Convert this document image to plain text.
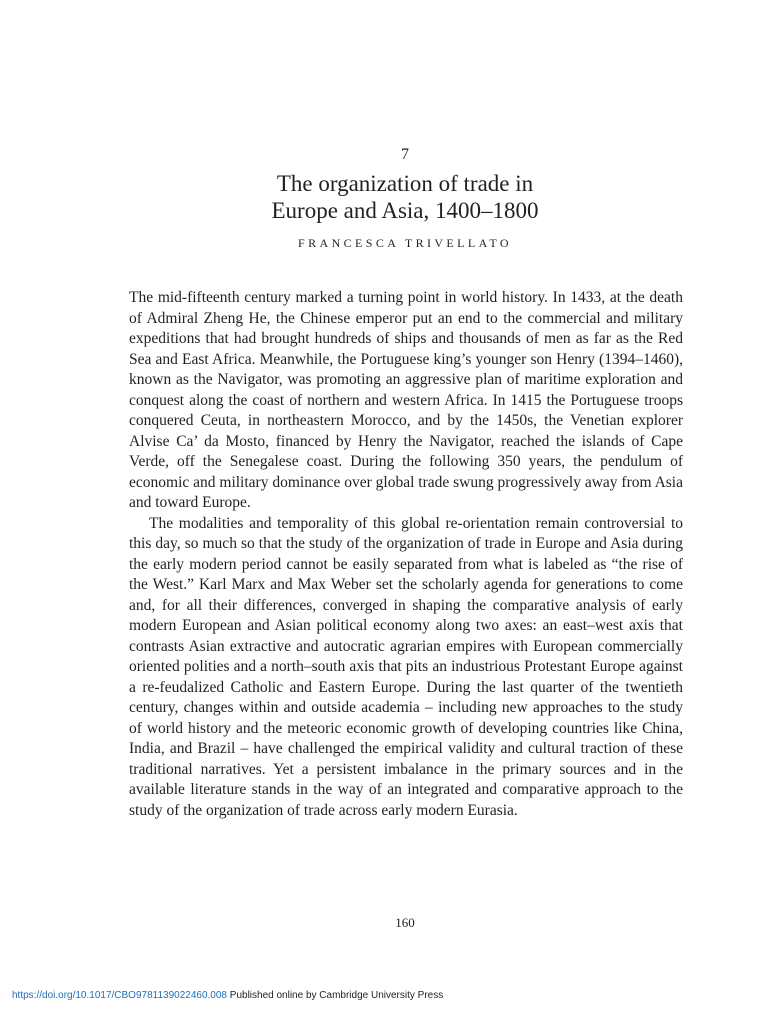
7
The organization of trade in
Europe and Asia, 1400–1800
FRANCESCA TRIVELLATO

The mid-fifteenth century marked a turning point in world history. In 1433, at the death of Admiral Zheng He, the Chinese emperor put an end to the commercial and military expeditions that had brought hundreds of ships and thousands of men as far as the Red Sea and East Africa. Meanwhile, the Portuguese king’s younger son Henry (1394–1460), known as the Navigator, was promoting an aggressive plan of maritime exploration and conquest along the coast of northern and western Africa. In 1415 the Portuguese troops conquered Ceuta, in northeastern Morocco, and by the 1450s, the Venetian explorer Alvise Ca’ da Mosto, financed by Henry the Navigator, reached the islands of Cape Verde, off the Senegalese coast. During the following 350 years, the pendulum of economic and military dominance over global trade swung progressively away from Asia and toward Europe.

The modalities and temporality of this global re-orientation remain controversial to this day, so much so that the study of the organization of trade in Europe and Asia during the early modern period cannot be easily separated from what is labeled as “the rise of the West.” Karl Marx and Max Weber set the scholarly agenda for generations to come and, for all their differences, converged in shaping the comparative analysis of early modern European and Asian political economy along two axes: an east–west axis that contrasts Asian extractive and autocratic agrarian empires with European commercially oriented polities and a north–south axis that pits an industrious Protestant Europe against a re-feudalized Catholic and Eastern Europe. During the last quarter of the twentieth century, changes within and outside academia – including new approaches to the study of world history and the meteoric economic growth of developing countries like China, India, and Brazil – have challenged the empirical validity and cultural traction of these traditional narratives. Yet a persistent imbalance in the primary sources and in the available literature stands in the way of an integrated and comparative approach to the study of the organization of trade across early modern Eurasia.

160
https://doi.org/10.1017/CBO9781139022460.008 Published online by Cambridge University Press
